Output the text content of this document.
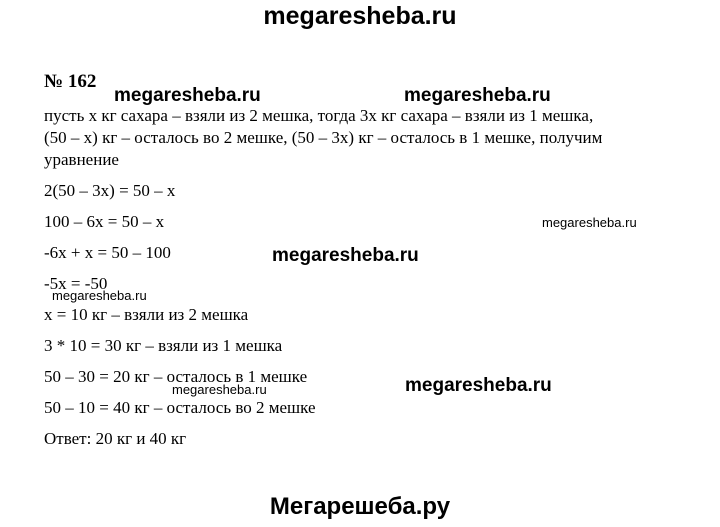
megaresheba.ru
№ 162
пусть х кг сахара – взяли из 2 мешка, тогда 3х кг сахара – взяли из 1 мешка,
(50 – х) кг – осталось во 2 мешке, (50 – 3х) кг – осталось в 1 мешке, получим
уравнение
2(50 – 3х) = 50 – х
100 – 6х = 50 – х
-6х + х = 50 – 100
-5х = -50
х = 10 кг – взяли из 2 мешка
3 * 10 = 30 кг – взяли из 1 мешка
50 – 30 = 20 кг – осталось в 1 мешке
50 – 10 = 40 кг – осталось во 2 мешке
Ответ: 20 кг и 40 кг
megaresheba.ru	megaresheba.ru
megaresheba.ru
megaresheba.ru
megaresheba.ru
megaresheba.ru	megaresheba.ru
Мегарешеба.ру
